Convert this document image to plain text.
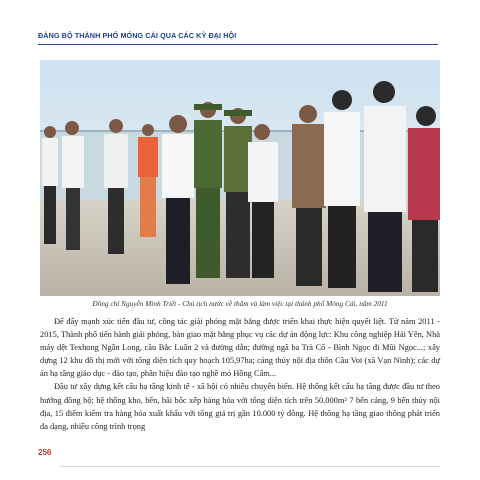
ĐẢNG BỘ THÀNH PHỐ MÓNG CÁI QUA CÁC KỲ ĐẠI HỘI
Đồng chí Nguyễn Minh Triết - Chủ tịch nước về thăm và làm việc tại thành phố Móng Cái, năm 2011

Để đẩy mạnh xúc tiến đầu tư, công tác giải phóng mặt bằng được triển khai thực hiện quyết liệt. Từ năm 2011 - 2015, Thành phố tiến hành giải phóng, bàn giao mặt bằng phục vụ các dự án động lực: Khu công nghiệp Hải Yên, Nhà máy dệt Texhong Ngân Long, cầu Bắc Luân 2 và đường dẫn; đường ngã ba Trà Cổ - Bình Ngọc đi Mũi Ngọc...; xây dựng 12 khu đô thị mới với tổng diện tích quy hoạch 105,97ha; cảng thủy nội địa thôn Cầu Voi (xã Vạn Ninh); các dự án hạ tầng giáo dục - đào tạo, phân hiệu đào tạo nghề mỏ Hồng Cẩm...

Đầu tư xây dựng kết cấu hạ tầng kinh tế - xã hội có nhiều chuyển biến. Hệ thống kết cấu hạ tầng được đầu tư theo hướng đồng bộ; hệ thống kho, bến, bãi bốc xếp hàng hóa với tổng diện tích trên 50.000m² 7 bến cảng, 9 bến thủy nội địa, 15 điểm kiểm tra hàng hóa xuất khẩu với tổng giá trị gần 10.000 tỷ đồng. Hệ thống hạ tầng giao thông phát triển đa dạng, nhiều công trình trọng

256
